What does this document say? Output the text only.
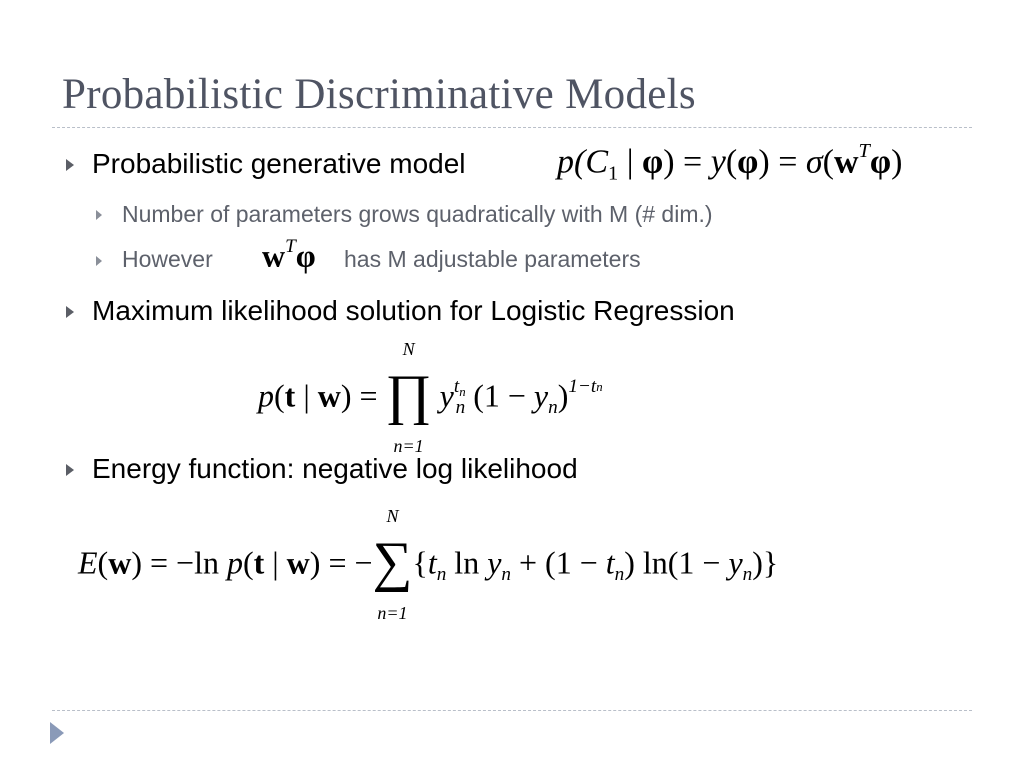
Probabilistic Discriminative Models
Probabilistic generative model	$p(C_1$ | $\varphi) = y(\varphi) = \sigma(w^T\varphi)$
Number of parameters grows quadratically with M (# dim.)
However $w^T\varphi$ has M adjustable parameters
Maximum likelihood solution for Logistic Regression
p(t | w) =
N
∏
n=1
$y^{tn}_n$ $(1 - y_n)^{1-tn}$
Energy function: negative log likelihood
E(w) = −ln p(t | w) = −
N
∑
n=1
{$t_n$ $\ln y_n + (1 - t_n) \ln(1 - y_n)$}
